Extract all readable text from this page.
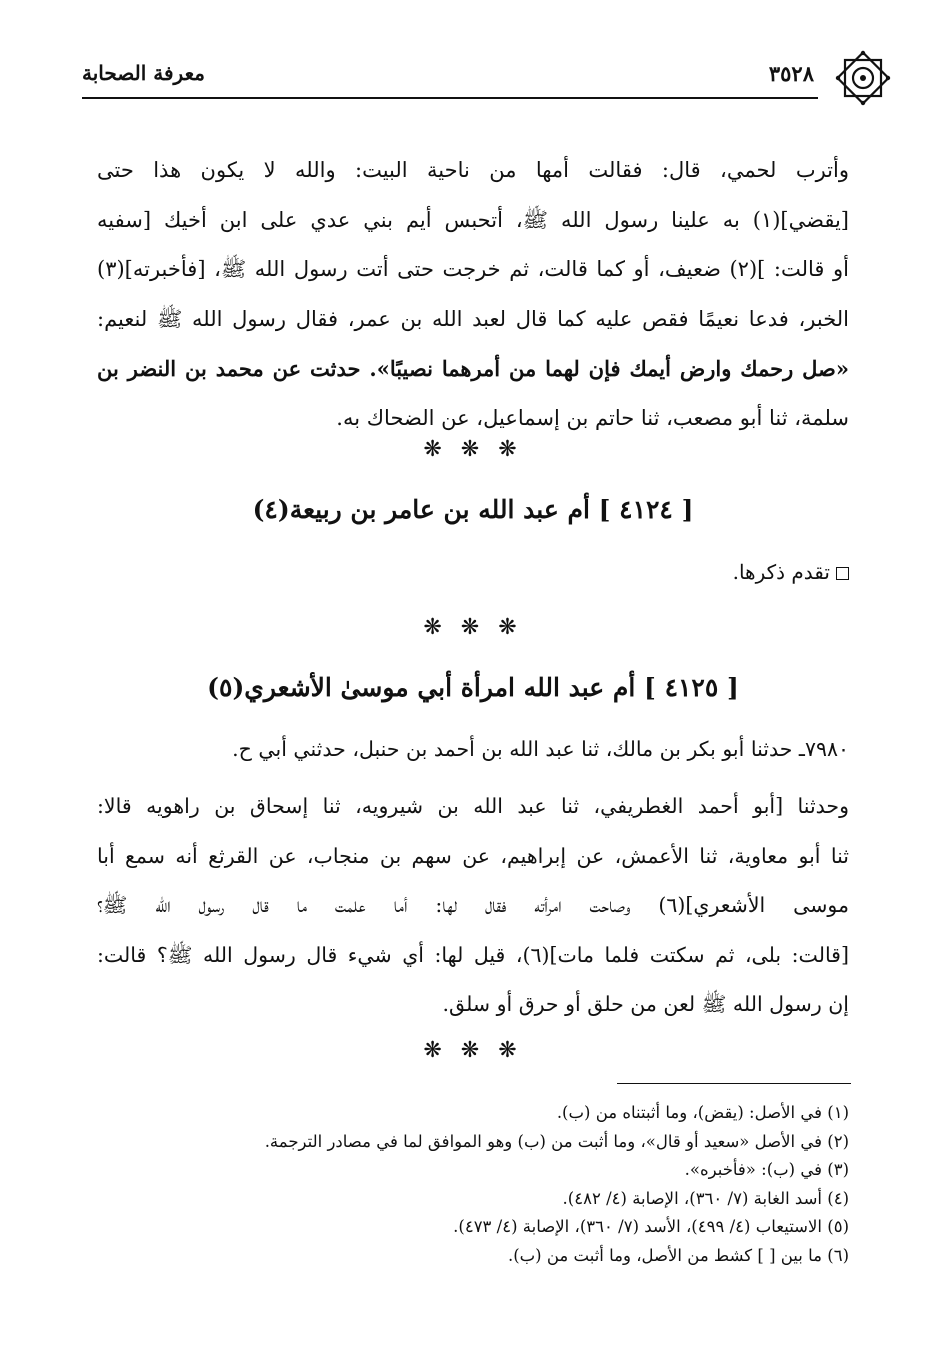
٣٥٢٨
معرفة الصحابة
وأترب لحمي، قال: فقالت أمها من ناحية البيت: والله لا يكون هذا حتى
[يقضي](١) به علينا رسول الله ﷺ، أتحبس أيم بني عدي على ابن أخيك [سفيه
أو قالت: ](٢) ضعيف، أو كما قالت، ثم خرجت حتى أتت رسول الله ﷺ، [فأخبرته](٣)
الخبر، فدعا نعيمًا فقص عليه كما قال لعبد الله بن عمر، فقال رسول الله ﷺ لنعيم:
«صل رحمك وارض أيمك فإن لهما من أمرهما نصيبًا». حدثت عن محمد بن النضر بن
سلمة، ثنا أبو مصعب، ثنا حاتم بن إسماعيل، عن الضحاك به.
❋ ❋ ❋
[ ٤١٢٤ ] أم عبد الله بن عامر بن ربيعة(٤)
تقدم ذكرها.
❋ ❋ ❋
[ ٤١٢٥ ] أم عبد الله امرأة أبي موسىٰ الأشعري(٥)
٧٩٨٠ـ حدثنا أبو بكر بن مالك، ثنا عبد الله بن أحمد بن حنبل، حدثني أبي ح.
وحدثنا [أبو أحمد الغطريفي، ثنا عبد الله بن شيرويه، ثنا إسحاق بن راهويه قالا:
ثنا أبو معاوية، ثنا الأعمش، عن إبراهيم، عن سهم بن منجاب، عن القرثع أنه سمع أبا
موسى الأشعري](٦) وصاحت امرأته فقال لها: أما علمت ما قال رسول الله ﷺ؟
[قالت: بلى، ثم سكتت فلما مات](٦)، قيل لها: أي شيء قال رسول الله ﷺ؟ قالت:
إن رسول الله ﷺ لعن من حلق أو حرق أو سلق.
❋ ❋ ❋
(١) في الأصل: (يقض)، وما أثبتناه من (ب).
(٢) في الأصل «سعيد أو قال»، وما أثبت من (ب) وهو الموافق لما في مصادر الترجمة.
(٣) في (ب): «فأخبره».
(٤) أسد الغابة (٧/ ٣٦٠)، الإصابة (٤/ ٤٨٢).
(٥) الاستيعاب (٤/ ٤٩٩)، الأسد (٧/ ٣٦٠)، الإصابة (٤/ ٤٧٣).
(٦) ما بين [ ] كشط من الأصل، وما أثبت من (ب).
